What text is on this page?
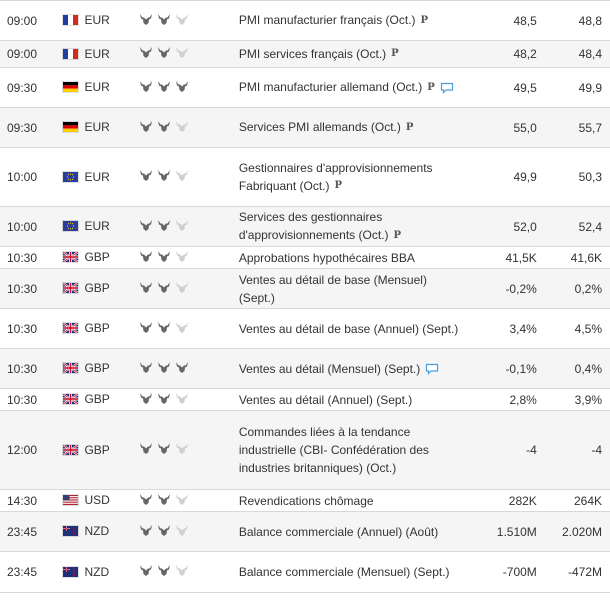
09:00	EUR		PMI manufacturier français (Oct.) P	48,5	48,8
09:00	EUR		PMI services français (Oct.) P	48,2	48,4
09:30	EUR		PMI manufacturier allemand (Oct.) P	49,5	49,9
09:30	EUR		Services PMI allemands (Oct.) P	55,0	55,7
10:00	EUR		Gestionnaires d'approvisionnements Fabriquant (Oct.) P	49,9	50,3
10:00	EUR		Services des gestionnaires d'approvisionnements (Oct.) P	52,0	52,4
10:30	GBP		Approbations hypothécaires BBA	41,5K	41,6K
10:30	GBP		Ventes au détail de base (Mensuel) (Sept.)	-0,2%	0,2%
10:30	GBP		Ventes au détail de base (Annuel) (Sept.)	3,4%	4,5%
10:30	GBP		Ventes au détail (Mensuel) (Sept.)	-0,1%	0,4%
10:30	GBP		Ventes au détail (Annuel) (Sept.)	2,8%	3,9%
12:00	GBP		Commandes liées à la tendance industrielle (CBI- Confédération des industries britanniques) (Oct.)	-4	-4
14:30	USD		Revendications chômage	282K	264K
23:45	NZD		Balance commerciale (Annuel) (Août)	1.510M	2.020M
23:45	NZD		Balance commerciale (Mensuel) (Sept.)	-700M	-472M
